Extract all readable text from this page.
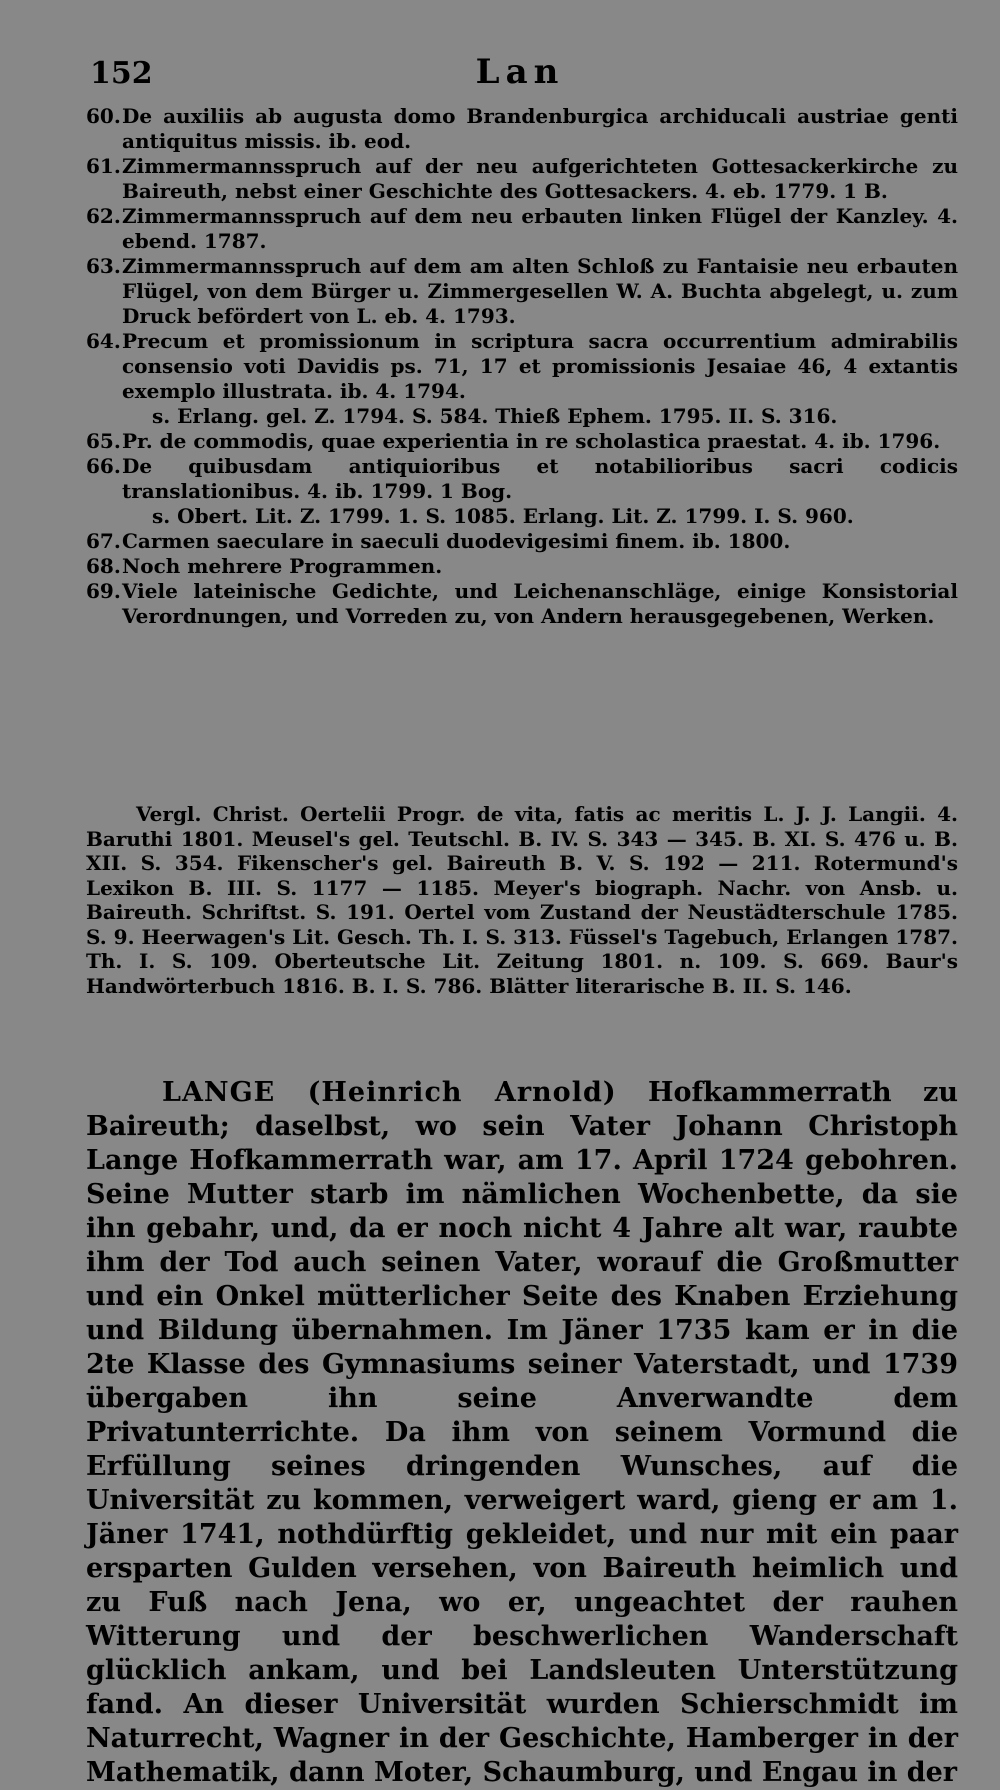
152	Lan
60. De auxiliis ab augusta domo Brandenburgica archiducali austriae genti antiquitus missis. ib. eod.
61. Zimmermannsspruch auf der neu aufgerichteten Gottesackerkirche zu Baireuth, nebst einer Geschichte des Gottesackers. 4. eb. 1779. 1 B.
62. Zimmermannsspruch auf dem neu erbauten linken Flügel der Kanzley. 4. ebend. 1787.
63. Zimmermannsspruch auf dem am alten Schloß zu Fantaisie neu erbauten Flügel, von dem Bürger u. Zimmergesellen W. A. Buchta abgelegt, u. zum Druck befördert von L. eb. 4. 1793.
64. Precum et promissionum in scriptura sacra occurrentium admirabilis consensio voti Davidis ps. 71, 17 et promissionis Jesaiae 46, 4 extantis exemplo illustrata. ib. 4. 1794.
s. Erlang. gel. Z. 1794. S. 584. Thieß Ephem. 1795. II. S. 316.
65. Pr. de commodis, quae experientia in re scholastica praestat. 4. ib. 1796.
66. De quibusdam antiquioribus et notabilioribus sacri codicis translationibus. 4. ib. 1799. 1 Bog.
s. Obert. Lit. Z. 1799. 1. S. 1085. Erlang. Lit. Z. 1799. I. S. 960.
67. Carmen saeculare in saeculi duodevigesimi finem. ib. 1800.
68. Noch mehrere Programmen.
69. Viele lateinische Gedichte, und Leichenanschläge, einige Konsistorial Verordnungen, und Vorreden zu, von Andern herausgegebenen, Werken.
Vergl. Christ. Oertelii Progr. de vita, fatis ac meritis L. J. J. Langii. 4. Baruthi 1801. Meusel's gel. Teutschl. B. IV. S. 343 — 345. B. XI. S. 476 u. B. XII. S. 354. Fikenscher's gel. Baireuth B. V. S. 192 — 211. Rotermund's Lexikon B. III. S. 1177 — 1185. Meyer's biograph. Nachr. von Ansb. u. Baireuth. Schriftst. S. 191. Oertel vom Zustand der Neustädterschule 1785. S. 9. Heerwagen's Lit. Gesch. Th. I. S. 313. Füssel's Tagebuch, Erlangen 1787. Th. I. S. 109. Oberteutsche Lit. Zeitung 1801. n. 109. S. 669. Baur's Handwörterbuch 1816. B. I. S. 786. Blätter literarische B. II. S. 146.
LANGE (Heinrich Arnold) Hofkammerrath zu Baireuth; daselbst, wo sein Vater Johann Christoph Lange Hofkammerrath war, am 17. April 1724 gebohren. Seine Mutter starb im nämlichen Wochenbette, da sie ihn gebahr, und, da er noch nicht 4 Jahre alt war, raubte ihm der Tod auch seinen Vater, worauf die Großmutter und ein Onkel mütterlicher Seite des Knaben Erziehung und Bildung übernahmen. Im Jäner 1735 kam er in die 2te Klasse des Gymnasiums seiner Vaterstadt, und 1739 übergaben ihn seine Anverwandte dem Privatunterrichte. Da ihm von seinem Vormund die Erfüllung seines dringenden Wunsches, auf die Universität zu kommen, verweigert ward, gieng er am 1. Jäner 1741, nothdürftig gekleidet, und nur mit ein paar ersparten Gulden versehen, von Baireuth heimlich und zu Fuß nach Jena, wo er, ungeachtet der rauhen Witterung und der beschwerlichen Wanderschaft glücklich ankam, und bei Landsleuten Unterstützung fand. An dieser Universität wurden Schierschmidt im Naturrecht, Wagner in der Geschichte, Hamberger in der Mathematik, dann Moter, Schaumburg, und Engau in der
